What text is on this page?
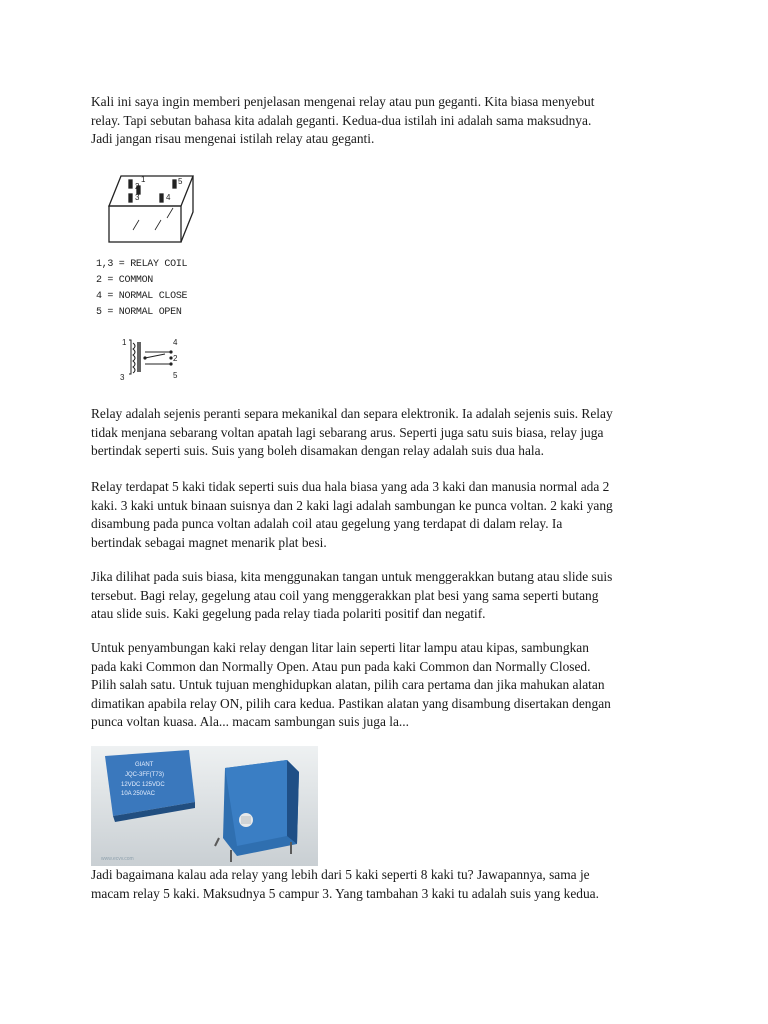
Kali ini saya ingin memberi penjelasan mengenai relay atau pun geganti. Kita biasa menyebut
relay. Tapi sebutan bahasa kita adalah geganti. Kedua-dua istilah ini adalah sama maksudnya.
Jadi jangan risau mengenai istilah relay atau geganti.

1
2
3	4
5
1
3
4
2
5
1,3 = RELAY COIL
2 = COMMON
4 = NORMAL CLOSE
5 = NORMAL OPEN

Relay adalah sejenis peranti separa mekanikal dan separa elektronik. Ia adalah sejenis suis. Relay
tidak menjana sebarang voltan apatah lagi sebarang arus. Seperti juga satu suis biasa, relay juga
bertindak seperti suis. Suis yang boleh disamakan dengan relay adalah suis dua hala.

Relay terdapat 5 kaki tidak seperti suis dua hala biasa yang ada 3 kaki dan manusia normal ada 2
kaki. 3 kaki untuk binaan suisnya dan 2 kaki lagi adalah sambungan ke punca voltan. 2 kaki yang
disambung pada punca voltan adalah coil atau gegelung yang terdapat di dalam relay. Ia
bertindak sebagai magnet menarik plat besi.

Jika dilihat pada suis biasa, kita menggunakan tangan untuk menggerakkan butang atau slide suis
tersebut. Bagi relay, gegelung atau coil yang menggerakkan plat besi yang sama seperti butang
atau slide suis. Kaki gegelung pada relay tiada polariti positif dan negatif.

Untuk penyambungan kaki relay dengan litar lain seperti litar lampu atau kipas, sambungkan
pada kaki Common dan Normally Open. Atau pun pada kaki Common dan Normally Closed.
Pilih salah satu. Untuk tujuan menghidupkan alatan, pilih cara pertama dan jika mahukan alatan
dimatikan apabila relay ON, pilih cara kedua. Pastikan alatan yang disambung disertakan dengan
punca voltan kuasa. Ala... macam sambungan suis juga la...

GIANT
JQC-3FF(T73)
12VDC 125VDC
10A 250VAC
www.ecvv.com

Jadi bagaimana kalau ada relay yang lebih dari 5 kaki seperti 8 kaki tu? Jawapannya, sama je
macam relay 5 kaki. Maksudnya 5 campur 3. Yang tambahan 3 kaki tu adalah suis yang kedua.
